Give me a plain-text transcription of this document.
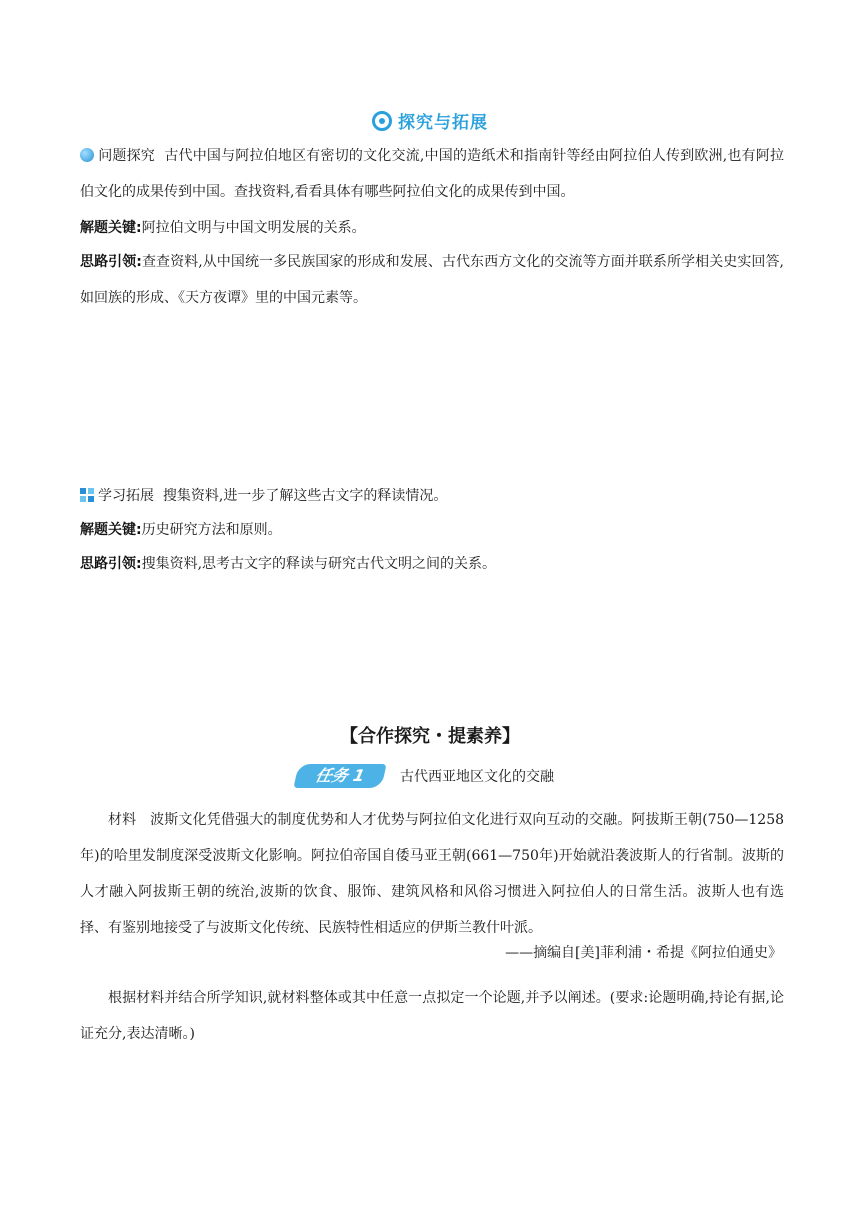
探究与拓展
问题探究 古代中国与阿拉伯地区有密切的文化交流,中国的造纸术和指南针等经由阿拉伯人传到欧洲,也有阿拉伯文化的成果传到中国。查找资料,看看具体有哪些阿拉伯文化的成果传到中国。
解题关键:阿拉伯文明与中国文明发展的关系。
思路引领:查查资料,从中国统一多民族国家的形成和发展、古代东西方文化的交流等方面并联系所学相关史实回答,如回族的形成、《天方夜谭》里的中国元素等。
学习拓展 搜集资料,进一步了解这些古文字的释读情况。
解题关键:历史研究方法和原则。
思路引领:搜集资料,思考古文字的释读与研究古代文明之间的关系。
【合作探究・提素养】
任务 1 古代西亚地区文化的交融
材料 波斯文化凭借强大的制度优势和人才优势与阿拉伯文化进行双向互动的交融。阿拔斯王朝(750—1258年)的哈里发制度深受波斯文化影响。阿拉伯帝国自倭马亚王朝(661—750年)开始就沿袭波斯人的行省制。波斯的人才融入阿拔斯王朝的统治,波斯的饮食、服饰、建筑风格和风俗习惯进入阿拉伯人的日常生活。波斯人也有选择、有鉴别地接受了与波斯文化传统、民族特性相适应的伊斯兰教什叶派。
——摘编自[美]菲利浦・希提《阿拉伯通史》
根据材料并结合所学知识,就材料整体或其中任意一点拟定一个论题,并予以阐述。(要求:论题明确,持论有据,论证充分,表达清晰。)
